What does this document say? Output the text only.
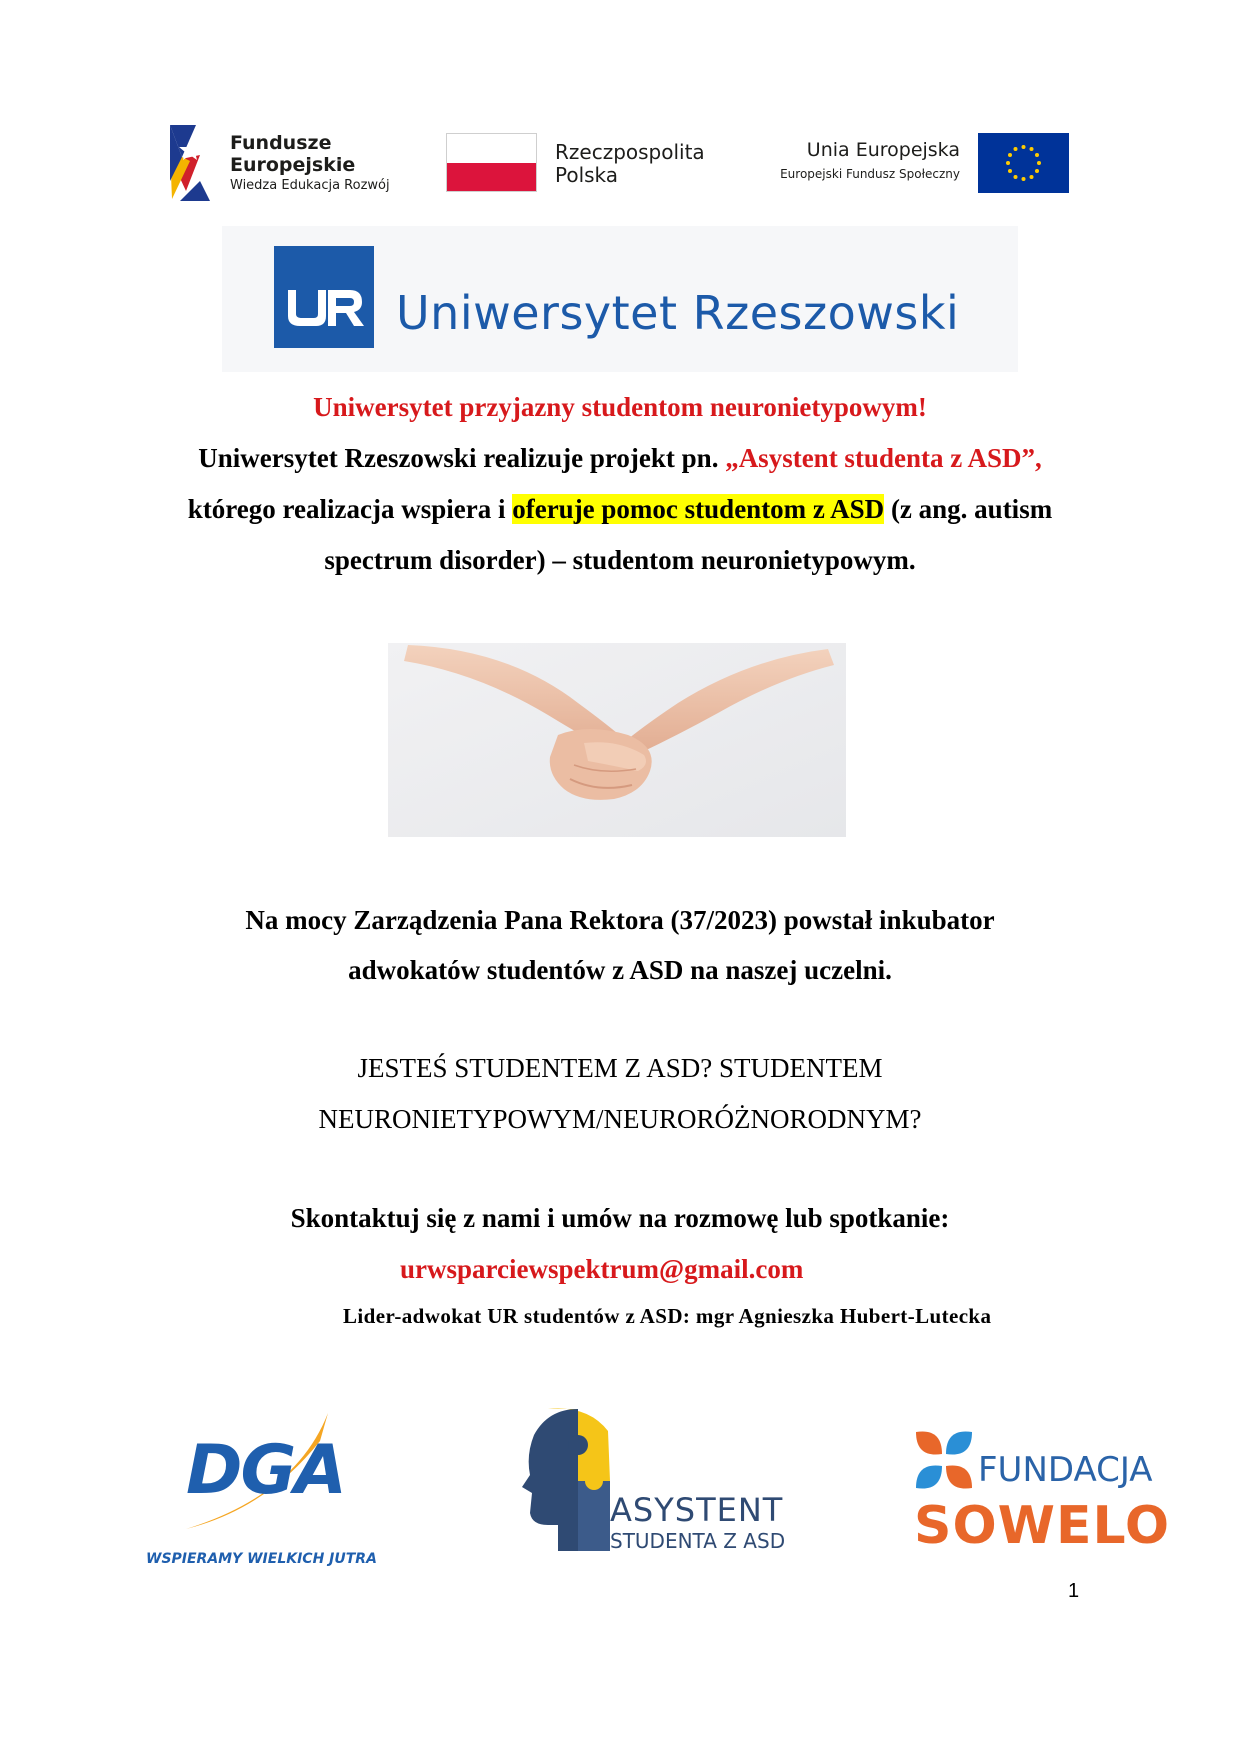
Fundusze
Europejskie
Wiedza Edukacja Rozwój
Rzeczpospolita
Polska
Unia Europejska
Europejski Fundusz Społeczny
Uniwersytet Rzeszowski
Uniwersytet przyjazny studentom neuronietypowym!
Uniwersytet Rzeszowski realizuje projekt pn. „Asystent studenta z ASD”,
którego realizacja wspiera i oferuje pomoc studentom z ASD (z ang. autism
spectrum disorder) – studentom neuronietypowym.
Na mocy Zarządzenia Pana Rektora (37/2023) powstał inkubator
adwokatów studentów z ASD na naszej uczelni.
JESTEŚ STUDENTEM Z ASD? STUDENTEM
NEURONIETYPOWYM/NEURORÓŻNORODNYM?
Skontaktuj się z nami i umów na rozmowę lub spotkanie:
urwsparciewspektrum@gmail.com
Lider-adwokat UR studentów z ASD: mgr Agnieszka Hubert-Lutecka
DGA
WSPIERAMY WIELKICH JUTRA
ASYSTENT
STUDENTA Z ASD
FUNDACJA
SOWELO
1
